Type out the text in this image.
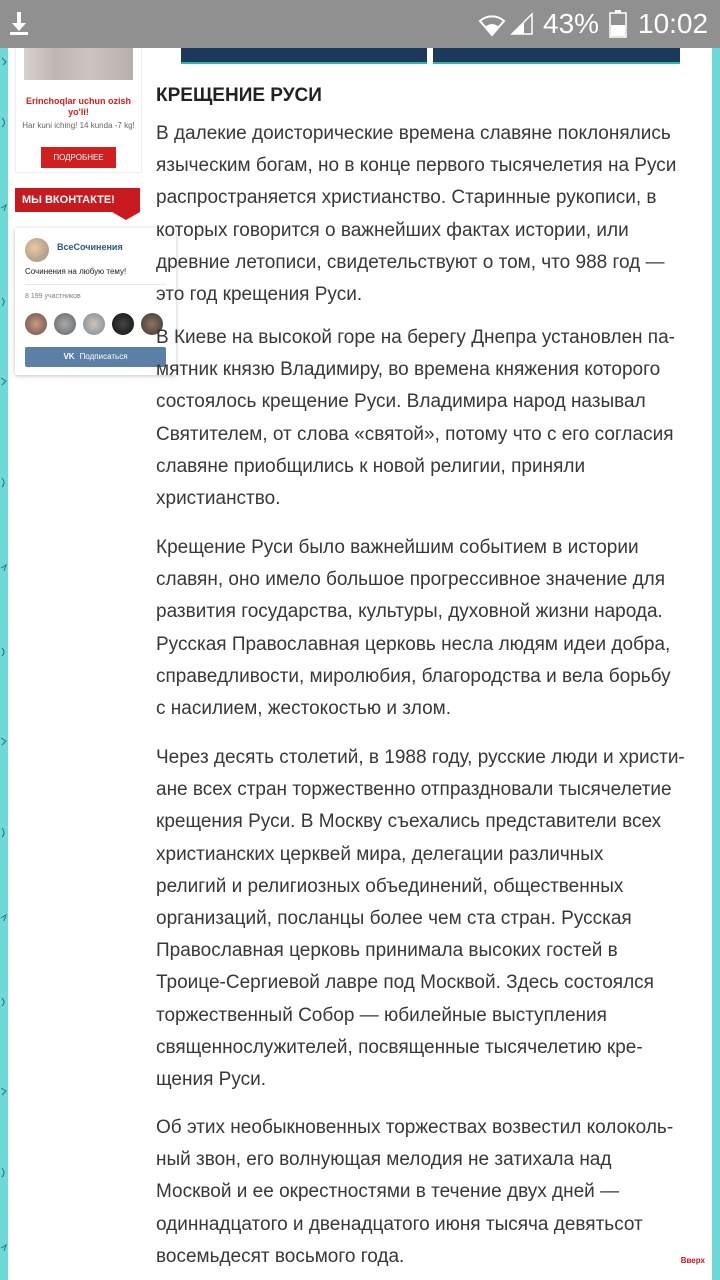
43% 10:02
Erinchoqlar uchun ozish yo'li!
Har kuni iching! 14 kunda -7 kg!
ПОДРОБНЕЕ
МЫ ВКОНТАКТЕ!
ВсеСочинения
Сочинения на любую тему!
8 199 участников
VK Подписаться
КРЕЩЕНИЕ РУСИ
В далекие доисторические времена славяне поклонялись
языческим богам, но в конце первого тысячелетия на Руси
распространяется христианство. Старинные рукописи, в
которых говорится о важнейших фактах истории, или
древние летописи, свидетельствуют о том, что 988 год —
это год крещения Руси.
В Киеве на высокой горе на берегу Днепра установлен па-
мятник князю Владимиру, во времена княжения которого
состоялось крещение Руси. Владимира народ называл
Святителем, от слова «святой», потому что с его согласия
славяне приобщились к новой религии, приняли
христианство.
Крещение Руси было важнейшим событием в истории
славян, оно имело большое прогрессивное значение для
развития государства, культуры, духовной жизни народа.
Русская Православная церковь несла людям идеи добра,
справедливости, миролюбия, благородства и вела борьбу
с насилием, жестокостью и злом.
Через десять столетий, в 1988 году, русские люди и христи-
ане всех стран торжественно отпраздновали тысячелетие
крещения Руси. В Москву съехались представители всех
христианских церквей мира, делегации различных
религий и религиозных объединений, общественных
организаций, посланцы более чем ста стран. Русская
Православная церковь принимала высоких гостей в
Троице-Сергиевой лавре под Москвой. Здесь состоялся
торжественный Собор — юбилейные выступления
священнослужителей, посвященные тысячелетию кре-
щения Руси.
Об этих необыкновенных торжествах возвестил колоколь-
ный звон, его волнующая мелодия не затихала над
Москвой и ее окрестностями в течение двух дней —
одиннадцатого и двенадцатого июня тысяча девятьсот
восемьдесят восьмого года.	Вверх
